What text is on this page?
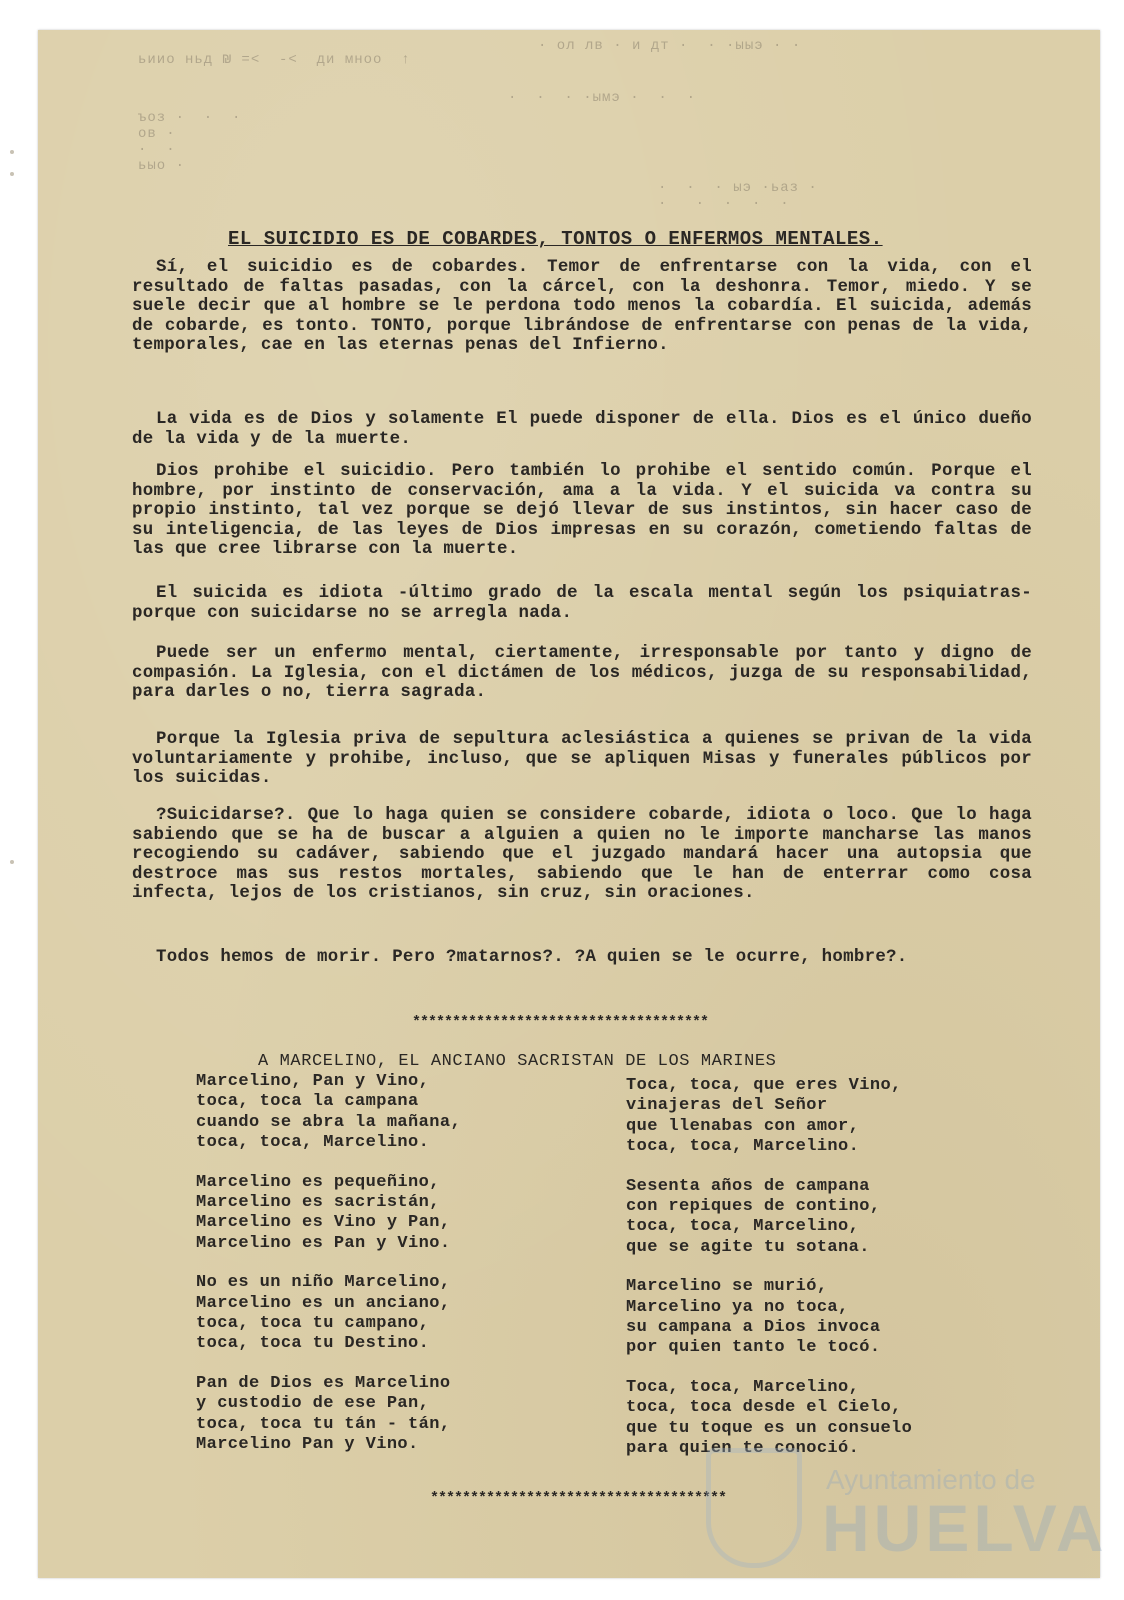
ьиио ньд ₪ =<  -<  ди мноо  ↑
· ол лв · и дт ·  · ·ыыэ · ·
ъоз ·  ·  ·
ов ·
·  ·
ьыо ·
·  ·  · ыэ ·ьаз ·
·   ·  ·  ·  ·
·  ·  · ·ымэ ·  ·  ·
EL SUICIDIO ES DE COBARDES, TONTOS O ENFERMOS MENTALES.

Sí, el suicidio es de cobardes. Temor de enfrentarse con la vida, con el resultado de faltas pasadas, con la cárcel, con la deshonra. Temor, miedo. Y se suele decir que al hombre se le perdona todo menos la cobardía. El suicida, además de cobarde, es tonto. TONTO, porque librándose de enfrentarse con penas de la vida, temporales, cae en las eternas penas del Infierno.

La vida es de Dios y solamente El puede disponer de ella. Dios es el único dueño de la vida y de la muerte.

Dios prohibe el suicidio. Pero también lo prohibe el sentido común. Porque el hombre, por instinto de conservación, ama a la vida. Y el suicida va contra su propio instinto, tal vez porque se dejó llevar de sus instintos, sin hacer caso de su inteligencia, de las leyes de Dios impresas en su corazón, cometiendo faltas de las que cree librarse con la muerte.

El suicida es idiota -último grado de la escala mental según los psiquiatras- porque con suicidarse no se arregla nada.

Puede ser un enfermo mental, ciertamente, irresponsable por tanto y digno de compasión. La Iglesia, con el dictámen de los médicos, juzga de su responsabilidad, para darles o no, tierra sagrada.

Porque la Iglesia priva de sepultura aclesiástica a quienes se privan de la vida voluntariamente y prohibe, incluso, que se apliquen Misas y funerales públicos por los suicidas.

?Suicidarse?. Que lo haga quien se considere cobarde, idiota o loco. Que lo haga sabiendo que se ha de buscar a alguien a quien no le importe mancharse las manos recogiendo su cadáver, sabiendo que el juzgado mandará hacer una autopsia que destroce mas sus restos mortales, sabiendo que le han de enterrar como cosa infecta, lejos de los cristianos, sin cruz, sin oraciones.

Todos hemos de morir. Pero ?matarnos?. ?A quien se le ocurre, hombre?.

*************************************
A MARCELINO, EL ANCIANO SACRISTAN DE LOS MARINES
Marcelino, Pan y Vino,
toca, toca la campana
cuando se abra la mañana,
toca, toca, Marcelino.
Marcelino es pequeñino,
Marcelino es sacristán,
Marcelino es Vino y Pan,
Marcelino es Pan y Vino.
No es un niño Marcelino,
Marcelino es un anciano,
toca, toca tu campano,
toca, toca tu Destino.
Pan de Dios es Marcelino
y custodio de ese Pan,
toca, toca tu tán - tán,
Marcelino Pan y Vino.
Toca, toca, que eres Vino,
vinajeras del Señor
que llenabas con amor,
toca, toca, Marcelino.
Sesenta años de campana
con repiques de contino,
toca, toca, Marcelino,
que se agite tu sotana.
Marcelino se murió,
Marcelino ya no toca,
su campana a Dios invoca
por quien tanto le tocó.
Toca, toca, Marcelino,
toca, toca desde el Cielo,
que tu toque es un consuelo
para quien te conoció.
*************************************
Ayuntamiento de
HUELVA
